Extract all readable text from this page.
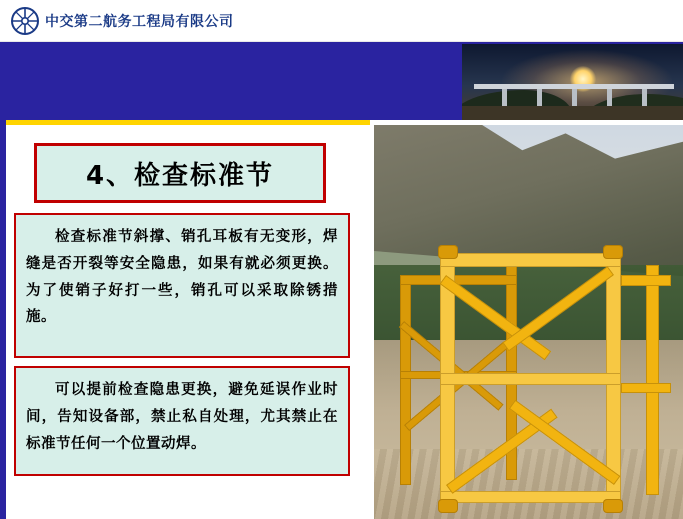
中交第二航务工程局有限公司
4、检查标准节

检查标准节斜撑、销孔耳板有无变形，焊缝是否开裂等安全隐患，如果有就必须更换。为了使销子好打一些，销孔可以采取除锈措施。

可以提前检查隐患更换，避免延误作业时间，告知设备部，禁止私自处理，尤其禁止在标准节任何一个位置动焊。
